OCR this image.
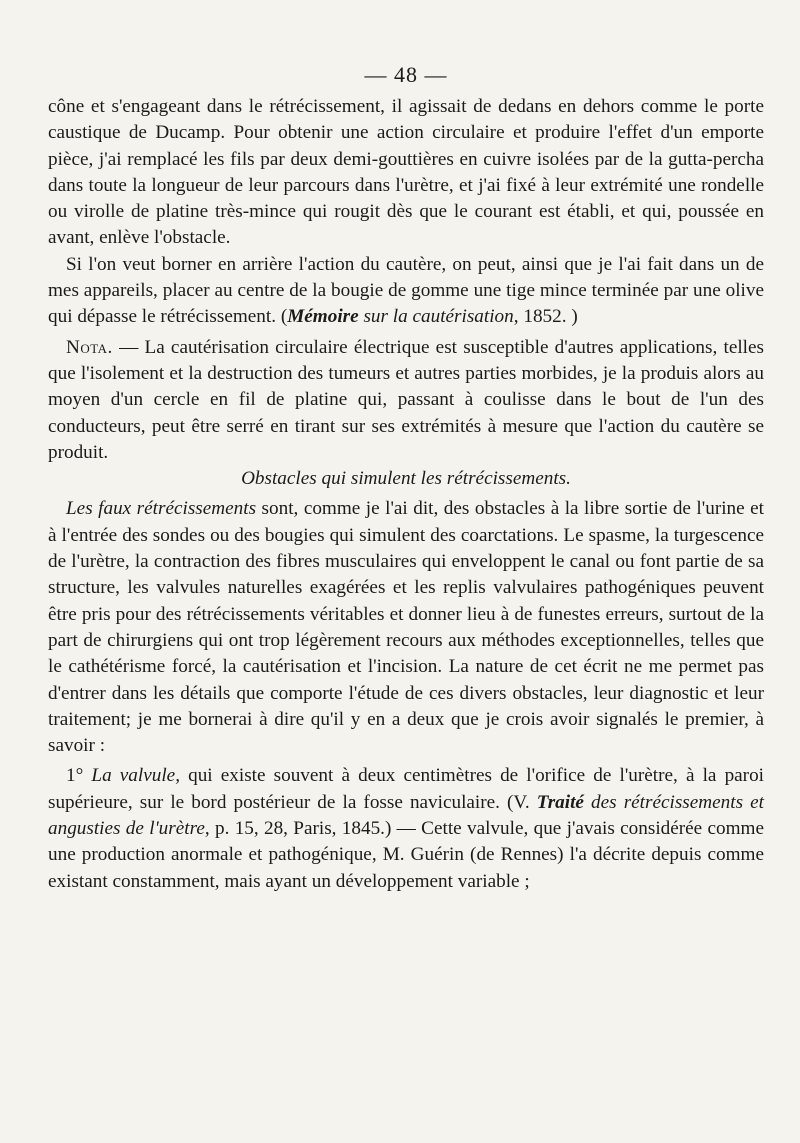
— 48 —

cône et s'engageant dans le rétrécissement, il agissait de dedans en dehors comme le porte caustique de Ducamp. Pour obtenir une action circulaire et produire l'effet d'un emporte pièce, j'ai remplacé les fils par deux demi-gouttières en cuivre isolées par de la gutta-percha dans toute la longueur de leur parcours dans l'urètre, et j'ai fixé à leur extrémité une rondelle ou virolle de platine très-mince qui rougit dès que le courant est établi, et qui, poussée en avant, enlève l'obstacle.

Si l'on veut borner en arrière l'action du cautère, on peut, ainsi que je l'ai fait dans un de mes appareils, placer au centre de la bougie de gomme une tige mince terminée par une olive qui dépasse le rétrécissement. (Mémoire sur la cautérisation, 1852. )

Nota. — La cautérisation circulaire électrique est susceptible d'autres applications, telles que l'isolement et la destruction des tumeurs et autres parties morbides, je la produis alors au moyen d'un cercle en fil de platine qui, passant à coulisse dans le bout de l'un des conducteurs, peut être serré en tirant sur ses extrémités à mesure que l'action du cautère se produit.

Obstacles qui simulent les rétrécissements.

Les faux rétrécissements sont, comme je l'ai dit, des obstacles à la libre sortie de l'urine et à l'entrée des sondes ou des bougies qui simulent des coarctations. Le spasme, la turgescence de l'urètre, la contraction des fibres musculaires qui enveloppent le canal ou font partie de sa structure, les valvules naturelles exagérées et les replis valvulaires pathogéniques peuvent être pris pour des rétrécissements véritables et donner lieu à de funestes erreurs, surtout de la part de chirurgiens qui ont trop légèrement recours aux méthodes exceptionnelles, telles que le cathétérisme forcé, la cautérisation et l'incision. La nature de cet écrit ne me permet pas d'entrer dans les détails que comporte l'étude de ces divers obstacles, leur diagnostic et leur traitement; je me bornerai à dire qu'il y en a deux que je crois avoir signalés le premier, à savoir :

1° La valvule, qui existe souvent à deux centimètres de l'orifice de l'urètre, à la paroi supérieure, sur le bord postérieur de la fosse naviculaire. (V. Traité des rétrécissements et angusties de l'urètre, p. 15, 28, Paris, 1845.) — Cette valvule, que j'avais considérée comme une production anormale et pathogénique, M. Guérin (de Rennes) l'a décrite depuis comme existant constamment, mais ayant un développement variable ;
